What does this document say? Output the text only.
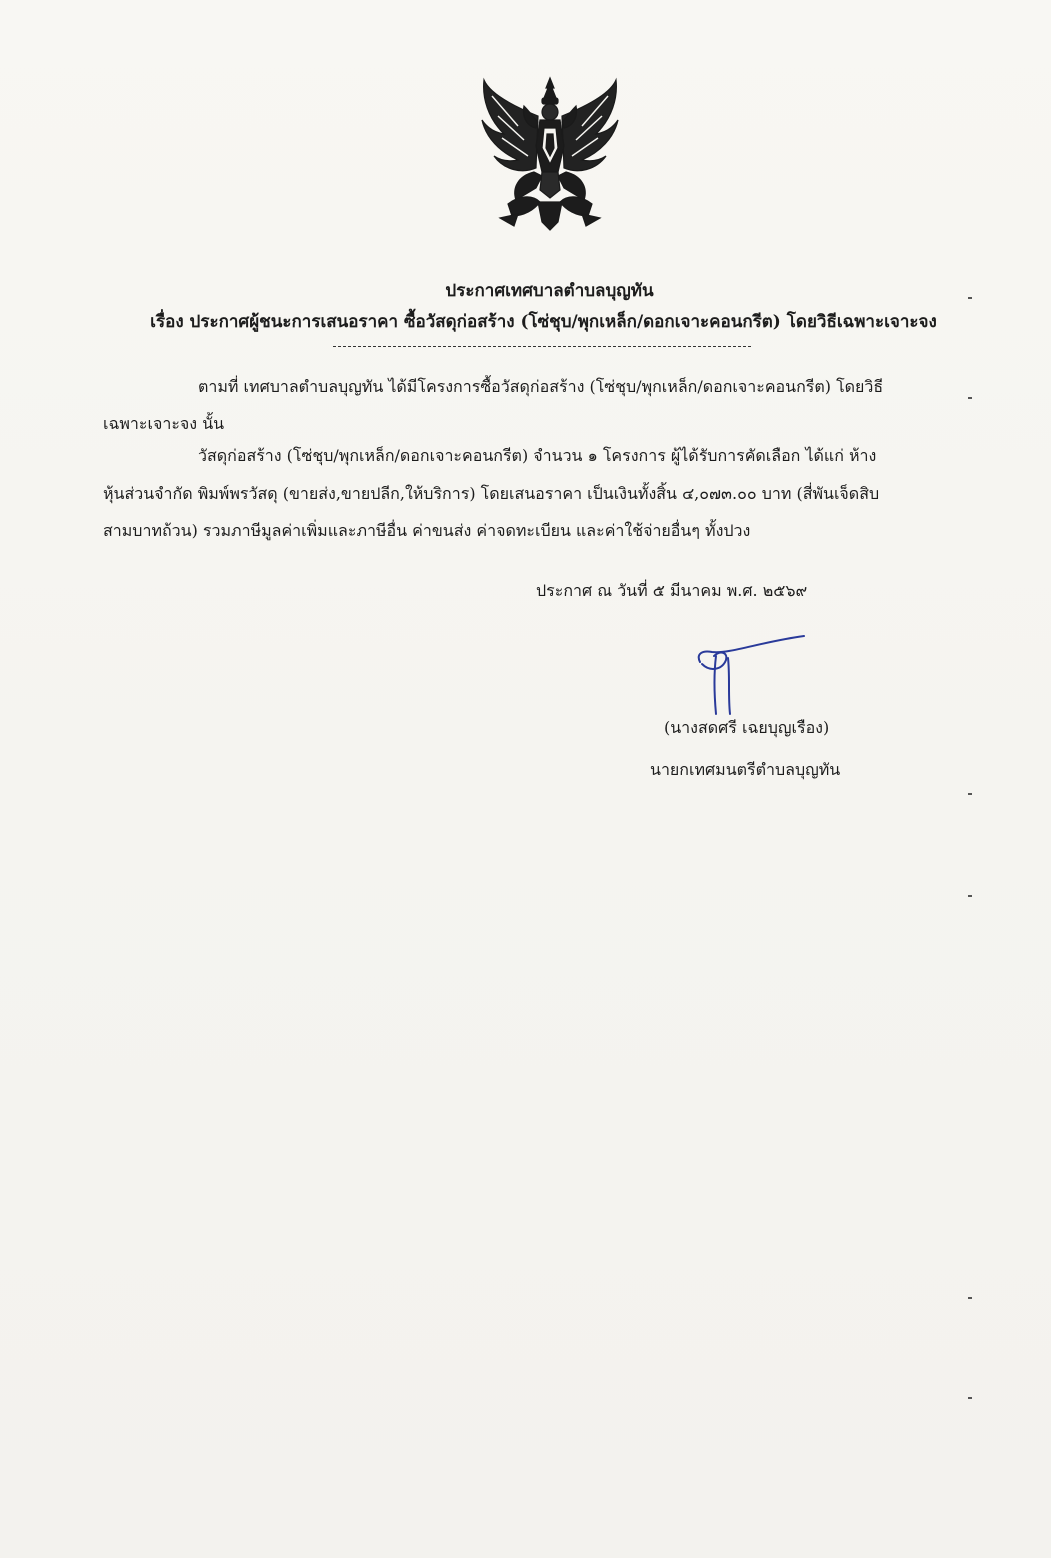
ประกาศเทศบาลตำบลบุญทัน
เรื่อง ประกาศผู้ชนะการเสนอราคา ซื้อวัสดุก่อสร้าง (โซ่ชุบ/พุกเหล็ก/ดอกเจาะคอนกรีต) โดยวิธีเฉพาะเจาะจง
ตามที่ เทศบาลตำบลบุญทัน ได้มีโครงการซื้อวัสดุก่อสร้าง (โซ่ชุบ/พุกเหล็ก/ดอกเจาะคอนกรีต) โดยวิธี
เฉพาะเจาะจง นั้น
วัสดุก่อสร้าง (โซ่ชุบ/พุกเหล็ก/ดอกเจาะคอนกรีต) จำนวน ๑ โครงการ ผู้ได้รับการคัดเลือก ได้แก่ ห้าง
หุ้นส่วนจำกัด พิมพ์พรวัสดุ (ขายส่ง,ขายปลีก,ให้บริการ) โดยเสนอราคา เป็นเงินทั้งสิ้น ๔,๐๗๓.๐๐ บาท (สี่พันเจ็ดสิบ
สามบาทถ้วน) รวมภาษีมูลค่าเพิ่มและภาษีอื่น ค่าขนส่ง ค่าจดทะเบียน และค่าใช้จ่ายอื่นๆ ทั้งปวง
ประกาศ ณ วันที่ ๕ มีนาคม พ.ศ. ๒๕๖๙
(นางสดศรี เฉยบุญเรือง)
นายกเทศมนตรีตำบลบุญทัน
